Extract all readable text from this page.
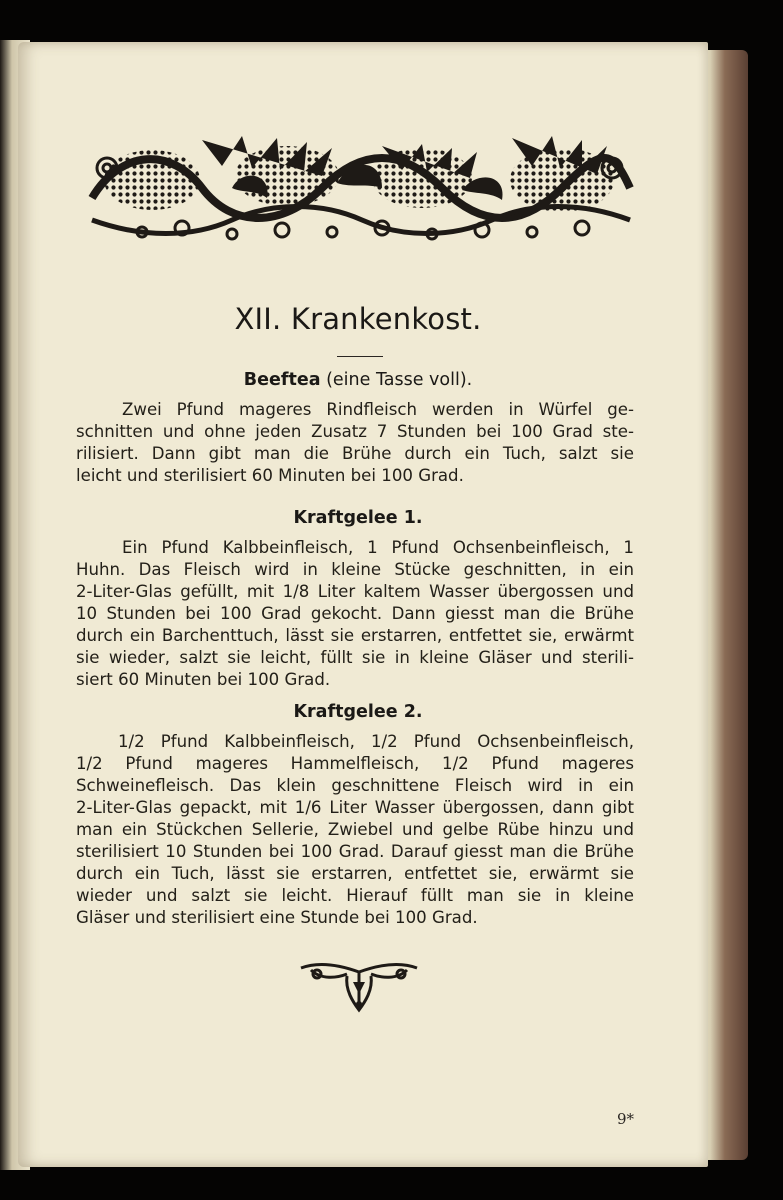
XII. Krankenkost.
Beeftea (eine Tasse voll).
Zwei Pfund mageres Rindfleisch werden in Würfel ge-
schnitten und ohne jeden Zusatz 7 Stunden bei 100 Grad ste-
rilisiert. Dann gibt man die Brühe durch ein Tuch, salzt sie
leicht und sterilisiert 60 Minuten bei 100 Grad.
Kraftgelee 1.
Ein Pfund Kalbbeinfleisch, 1 Pfund Ochsenbeinfleisch, 1
Huhn. Das Fleisch wird in kleine Stücke geschnitten, in ein
2-Liter-Glas gefüllt, mit 1/8 Liter kaltem Wasser übergossen und
10 Stunden bei 100 Grad gekocht. Dann giesst man die Brühe
durch ein Barchenttuch, lässt sie erstarren, entfettet sie, erwärmt
sie wieder, salzt sie leicht, füllt sie in kleine Gläser und sterili-
siert 60 Minuten bei 100 Grad.
Kraftgelee 2.
1/2 Pfund Kalbbeinfleisch, 1/2 Pfund Ochsenbeinfleisch,
1/2 Pfund mageres Hammelfleisch, 1/2 Pfund mageres
Schweinefleisch. Das klein geschnittene Fleisch wird in ein
2-Liter-Glas gepackt, mit 1/6 Liter Wasser übergossen, dann gibt
man ein Stückchen Sellerie, Zwiebel und gelbe Rübe hinzu und
sterilisiert 10 Stunden bei 100 Grad. Darauf giesst man die Brühe
durch ein Tuch, lässt sie erstarren, entfettet sie, erwärmt sie
wieder und salzt sie leicht. Hierauf füllt man sie in kleine
Gläser und sterilisiert eine Stunde bei 100 Grad.
9*
